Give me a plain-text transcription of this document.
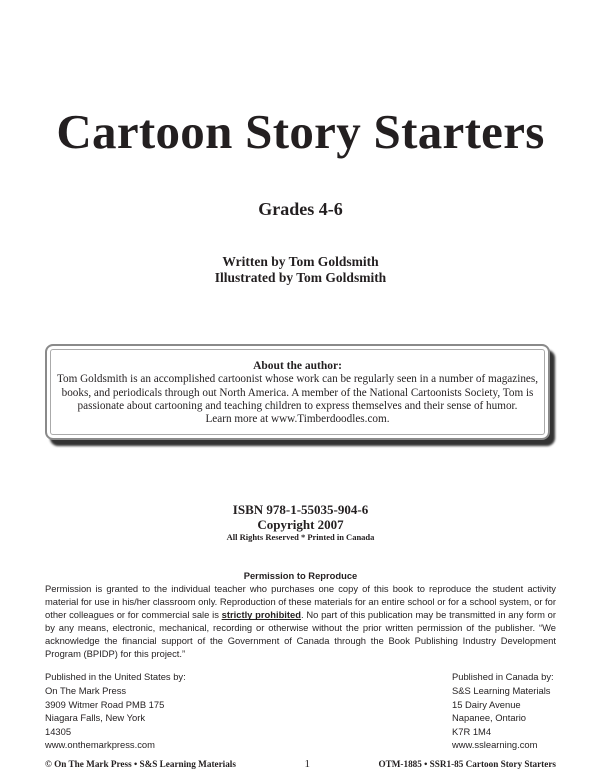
Cartoon Story Starters
Grades 4-6
Written by Tom Goldsmith
Illustrated by Tom Goldsmith
About the author:
Tom Goldsmith is an accomplished cartoonist whose work can be regularly seen in a number of magazines,
books, and periodicals through out North America. A member of the National Cartoonists Society, Tom is
passionate about cartooning and teaching children to express themselves and their sense of humor.
Learn more at www.Timberdoodles.com.
ISBN 978-1-55035-904-6
Copyright 2007
All Rights Reserved * Printed in Canada
Permission to Reproduce
Permission is granted to the individual teacher who purchases one copy of this book to reproduce the student activity material for use in his/her classroom only. Reproduction of these materials for an entire school or for a school system, or for other colleagues or for commercial sale is strictly prohibited. No part of this publication may be transmitted in any form or by any means, electronic, mechanical, recording or otherwise without the prior written permission of the publisher. “We acknowledge the financial support of the Government of Canada through the Book Publishing Industry Development Program (BPIDP) for this project.”
Published in the United States by:
On The Mark Press
3909 Witmer Road PMB 175
Niagara Falls, New York
14305
www.onthemarkpress.com
Published in Canada by:
S&S Learning Materials
15 Dairy Avenue
Napanee, Ontario
K7R 1M4
www.sslearning.com
© On The Mark Press • S&S Learning Materials	1	OTM-1885 • SSR1-85 Cartoon Story Starters
